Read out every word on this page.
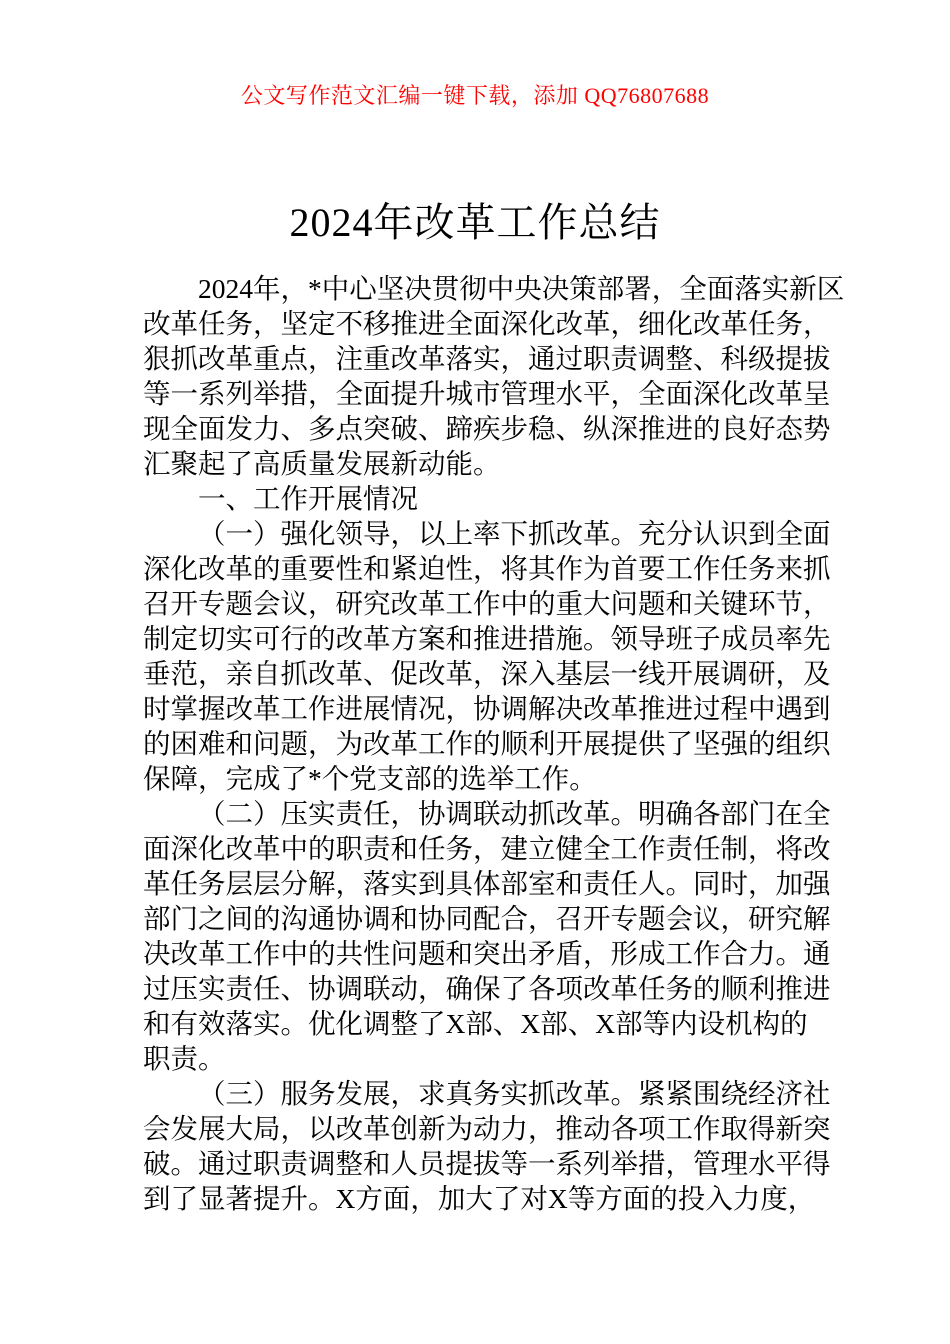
公文写作范文汇编一键下载，添加 QQ76807688
2024年改革工作总结
2024年，*中心坚决贯彻中央决策部署，全面落实新区
改革任务，坚定不移推进全面深化改革，细化改革任务，
狠抓改革重点，注重改革落实，通过职责调整、科级提拔
等一系列举措，全面提升城市管理水平，全面深化改革呈
现全面发力、多点突破、蹄疾步稳、纵深推进的良好态势
汇聚起了高质量发展新动能。
一、工作开展情况
（一）强化领导，以上率下抓改革。充分认识到全面
深化改革的重要性和紧迫性，将其作为首要工作任务来抓
召开专题会议，研究改革工作中的重大问题和关键环节，
制定切实可行的改革方案和推进措施。领导班子成员率先
垂范，亲自抓改革、促改革，深入基层一线开展调研，及
时掌握改革工作进展情况，协调解决改革推进过程中遇到
的困难和问题，为改革工作的顺利开展提供了坚强的组织
保障，完成了*个党支部的选举工作。
（二）压实责任，协调联动抓改革。明确各部门在全
面深化改革中的职责和任务，建立健全工作责任制，将改
革任务层层分解，落实到具体部室和责任人。同时，加强
部门之间的沟通协调和协同配合，召开专题会议，研究解
决改革工作中的共性问题和突出矛盾，形成工作合力。通
过压实责任、协调联动，确保了各项改革任务的顺利推进
和有效落实。优化调整了X部、X部、X部等内设机构的
职责。
（三）服务发展，求真务实抓改革。紧紧围绕经济社
会发展大局，以改革创新为动力，推动各项工作取得新突
破。通过职责调整和人员提拔等一系列举措，管理水平得
到了显著提升。X方面，加大了对X等方面的投入力度，
